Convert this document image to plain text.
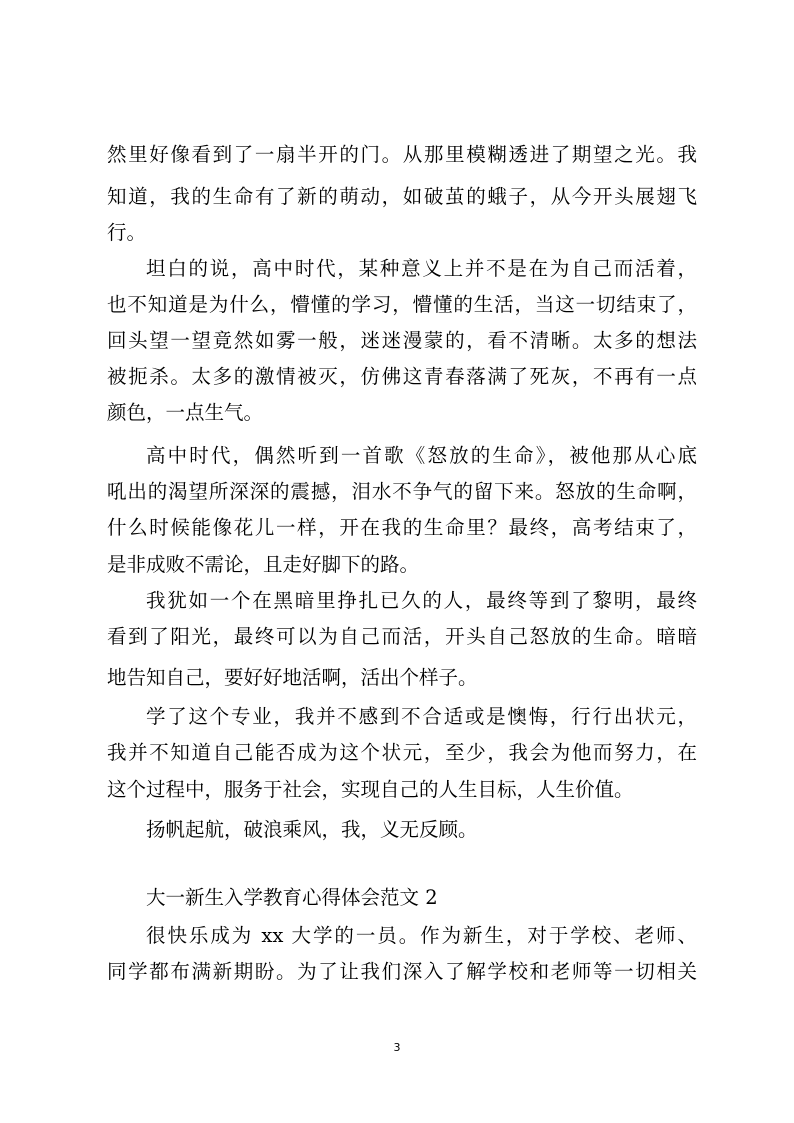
然里好像看到了一扇半开的门。从那里模糊透进了期望之光。我
知道，我的生命有了新的萌动，如破茧的蛾子，从今开头展翅飞
行。
坦白的说，高中时代，某种意义上并不是在为自己而活着，
也不知道是为什么，懵懂的学习，懵懂的生活，当这一切结束了，
回头望一望竟然如雾一般，迷迷漫蒙的，看不清晰。太多的想法
被扼杀。太多的激情被灭，仿佛这青春落满了死灰，不再有一点
颜色，一点生气。
高中时代，偶然听到一首歌《怒放的生命》，被他那从心底
吼出的渴望所深深的震撼，泪水不争气的留下来。怒放的生命啊，
什么时候能像花儿一样，开在我的生命里？最终，高考结束了，
是非成败不需论，且走好脚下的路。
我犹如一个在黑暗里挣扎已久的人，最终等到了黎明，最终
看到了阳光，最终可以为自己而活，开头自己怒放的生命。暗暗
地告知自己，要好好地活啊，活出个样子。
学了这个专业，我并不感到不合适或是懊悔，行行出状元，
我并不知道自己能否成为这个状元，至少，我会为他而努力，在
这个过程中，服务于社会，实现自己的人生目标，人生价值。
扬帆起航，破浪乘风，我，义无反顾。
大一新生入学教育心得体会范文 2
很快乐成为 xx 大学的一员。作为新生，对于学校、老师、
同学都布满新期盼。为了让我们深入了解学校和老师等一切相关
3
